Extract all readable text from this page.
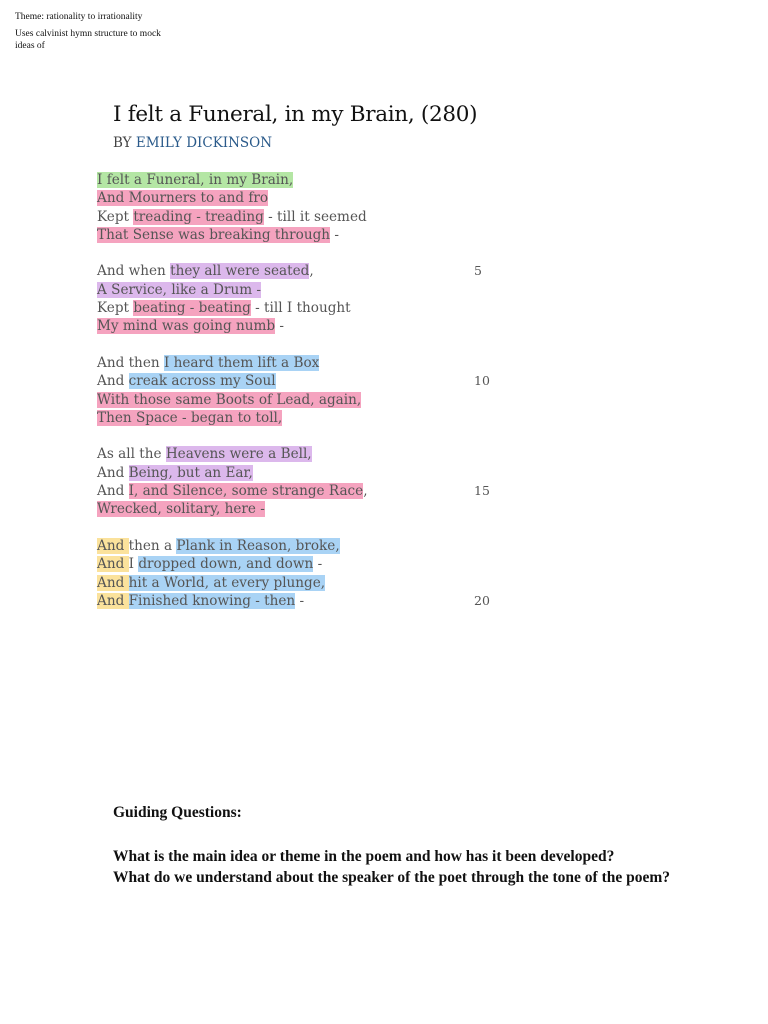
Theme: rationality to irrationality
Uses calvinist hymn structure to mock
ideas of
I felt a Funeral, in my Brain, (280)
BY EMILY DICKINSON
I felt a Funeral, in my Brain,
And Mourners to and fro
Kept treading - treading - till it seemed
That Sense was breaking through -
And when they all were seated,	5
A Service, like a Drum -
Kept beating - beating - till I thought
My mind was going numb -
And then I heard them lift a Box
And creak across my Soul	10
With those same Boots of Lead, again,
Then Space - began to toll,
As all the Heavens were a Bell,
And Being, but an Ear,
And I, and Silence, some strange Race,	15
Wrecked, solitary, here -
And then a Plank in Reason, broke,
And I dropped down, and down -
And hit a World, at every plunge,
And Finished knowing - then -	20
Guiding Questions:
What is the main idea or theme in the poem and how has it been developed?
What do we understand about the speaker of the poet through the tone of the poem?
